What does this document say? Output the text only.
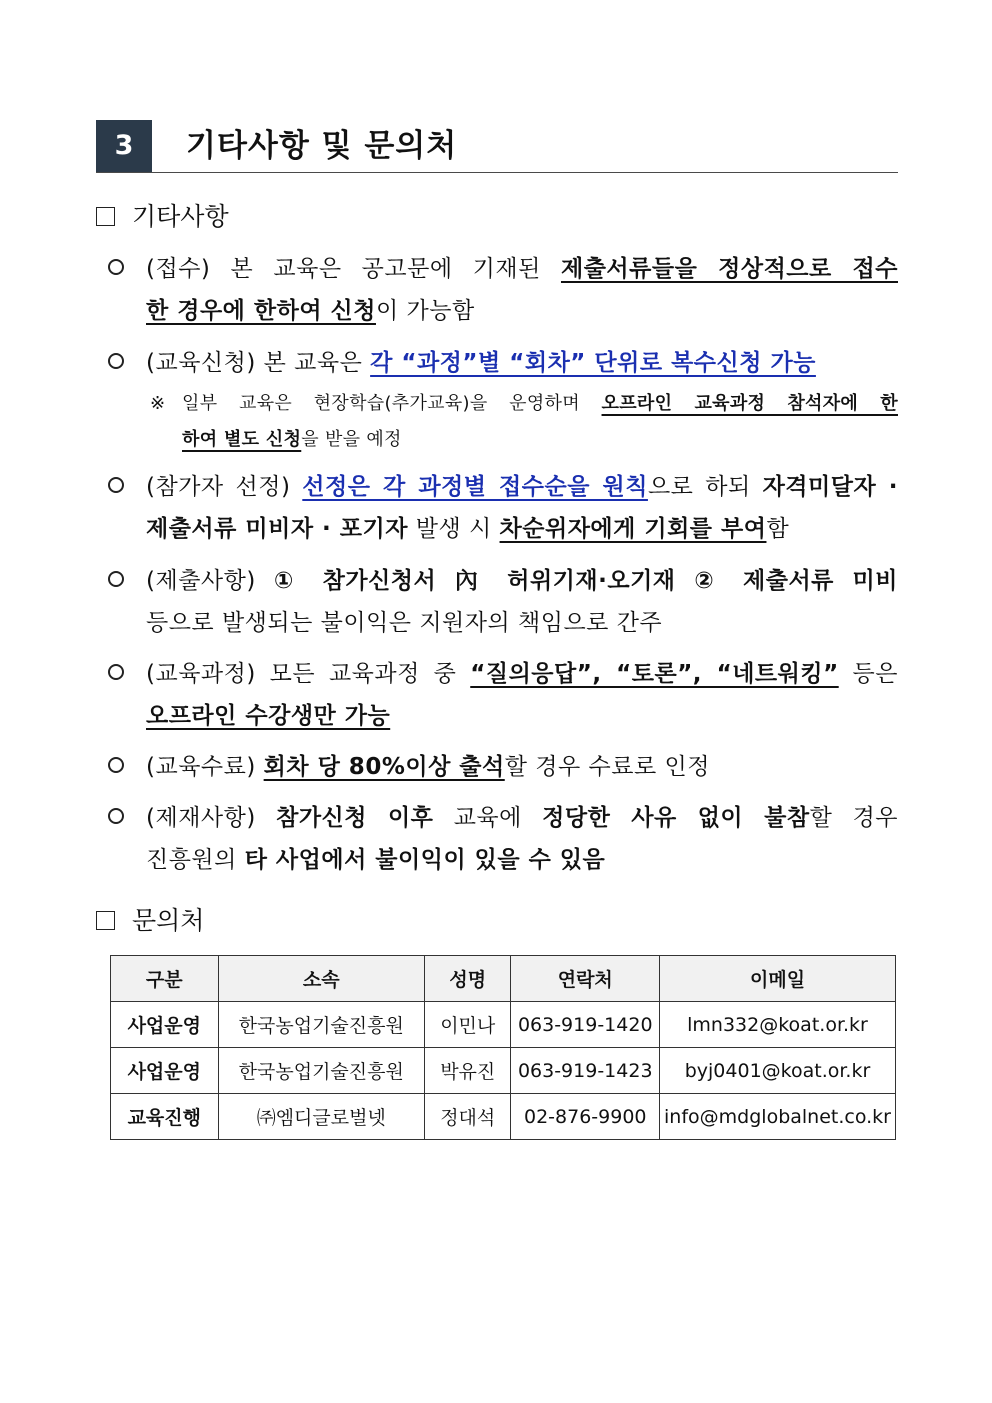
3	기타사항 및 문의처
기타사항
(접수) 본 교육은 공고문에 기재된 제출서류들을 정상적으로 접수
한 경우에 한하여 신청이 가능함
(교육신청) 본 교육은 각 “과정”별 “회차” 단위로 복수신청 가능
※ 일부 교육은 현장학습(추가교육)을 운영하며 오프라인 교육과정 참석자에 한
하여 별도 신청을 받을 예정
(참가자 선정) 선정은 각 과정별 접수순을 원칙으로 하되 자격미달자 ·
제출서류 미비자 · 포기자 발생 시 차순위자에게 기회를 부여함
(제출사항) ① 참가신청서 內 허위기재·오기재 ② 제출서류 미비
등으로 발생되는 불이익은 지원자의 책임으로 간주
(교육과정) 모든 교육과정 중 “질의응답”, “토론”, “네트워킹” 등은
오프라인 수강생만 가능
(교육수료) 회차 당 80%이상 출석할 경우 수료로 인정
(제재사항) 참가신청 이후 교육에 정당한 사유 없이 불참할 경우
진흥원의 타 사업에서 불이익이 있을 수 있음
문의처
구분	소속	성명	연락처	이메일
사업운영	한국농업기술진흥원	이민나	063-919-1420	lmn332@koat.or.kr
사업운영	한국농업기술진흥원	박유진	063-919-1423	byj0401@koat.or.kr
교육진행	㈜엠디글로벌넷	정대석	02-876-9900	info@mdglobalnet.co.kr
